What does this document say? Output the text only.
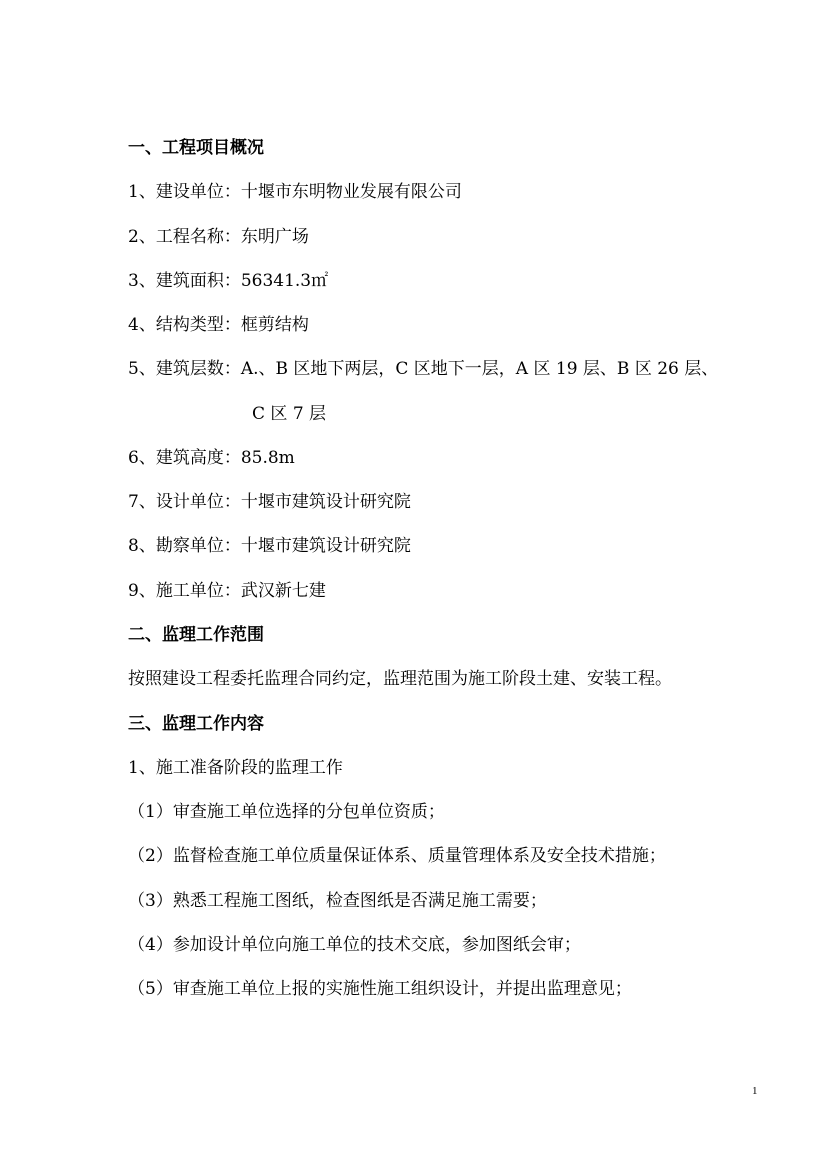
一、工程项目概况
1、建设单位：十堰市东明物业发展有限公司
2、工程名称：东明广场
3、建筑面积：56341.3㎡
4、结构类型：框剪结构
5、建筑层数：A.、B 区地下两层，C 区地下一层，A 区 19 层、B 区 26 层、
C 区 7 层
6、建筑高度：85.8m
7、设计单位：十堰市建筑设计研究院
8、勘察单位：十堰市建筑设计研究院
9、施工单位：武汉新七建
二、监理工作范围
按照建设工程委托监理合同约定，监理范围为施工阶段土建、安装工程。
三、监理工作内容
1、施工准备阶段的监理工作
（1）审查施工单位选择的分包单位资质；
（2）监督检查施工单位质量保证体系、质量管理体系及安全技术措施；
（3）熟悉工程施工图纸，检查图纸是否满足施工需要；
（4）参加设计单位向施工单位的技术交底，参加图纸会审；
（5）审查施工单位上报的实施性施工组织设计，并提出监理意见；
1
